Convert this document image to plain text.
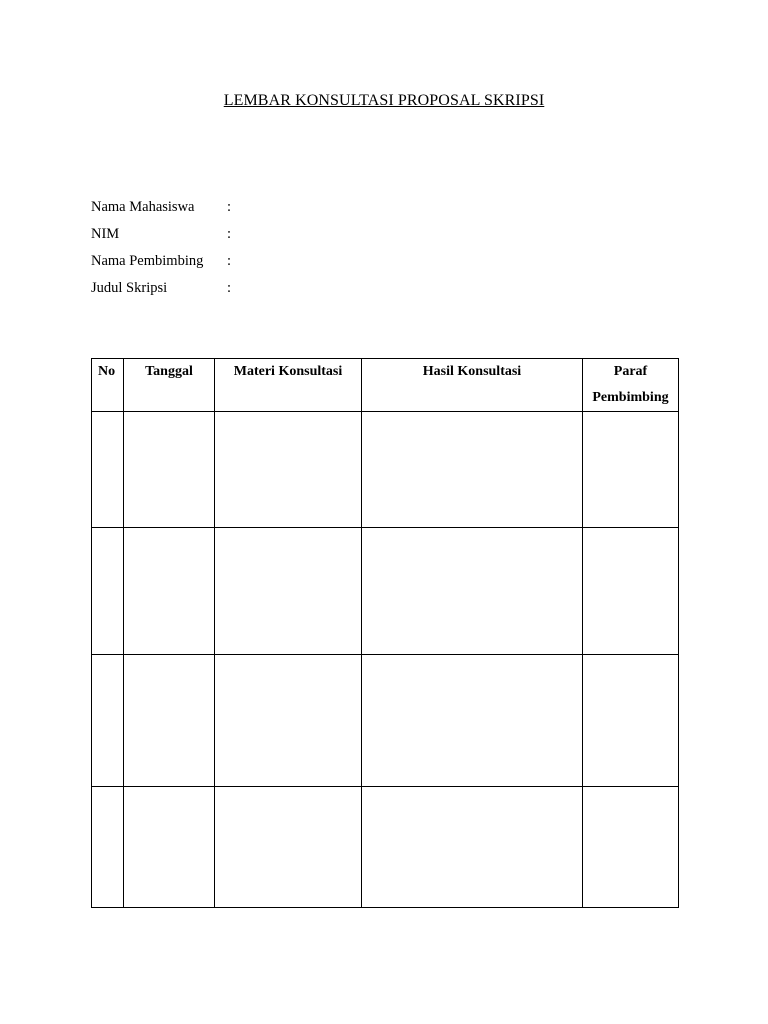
LEMBAR KONSULTASI PROPOSAL SKRIPSI
Nama Mahasiswa :
NIM	:
Nama Pembimbing :
Judul Skripsi	:
No	Tanggal	Materi Konsultasi	Hasil Konsultasi	Paraf
Pembimbing
